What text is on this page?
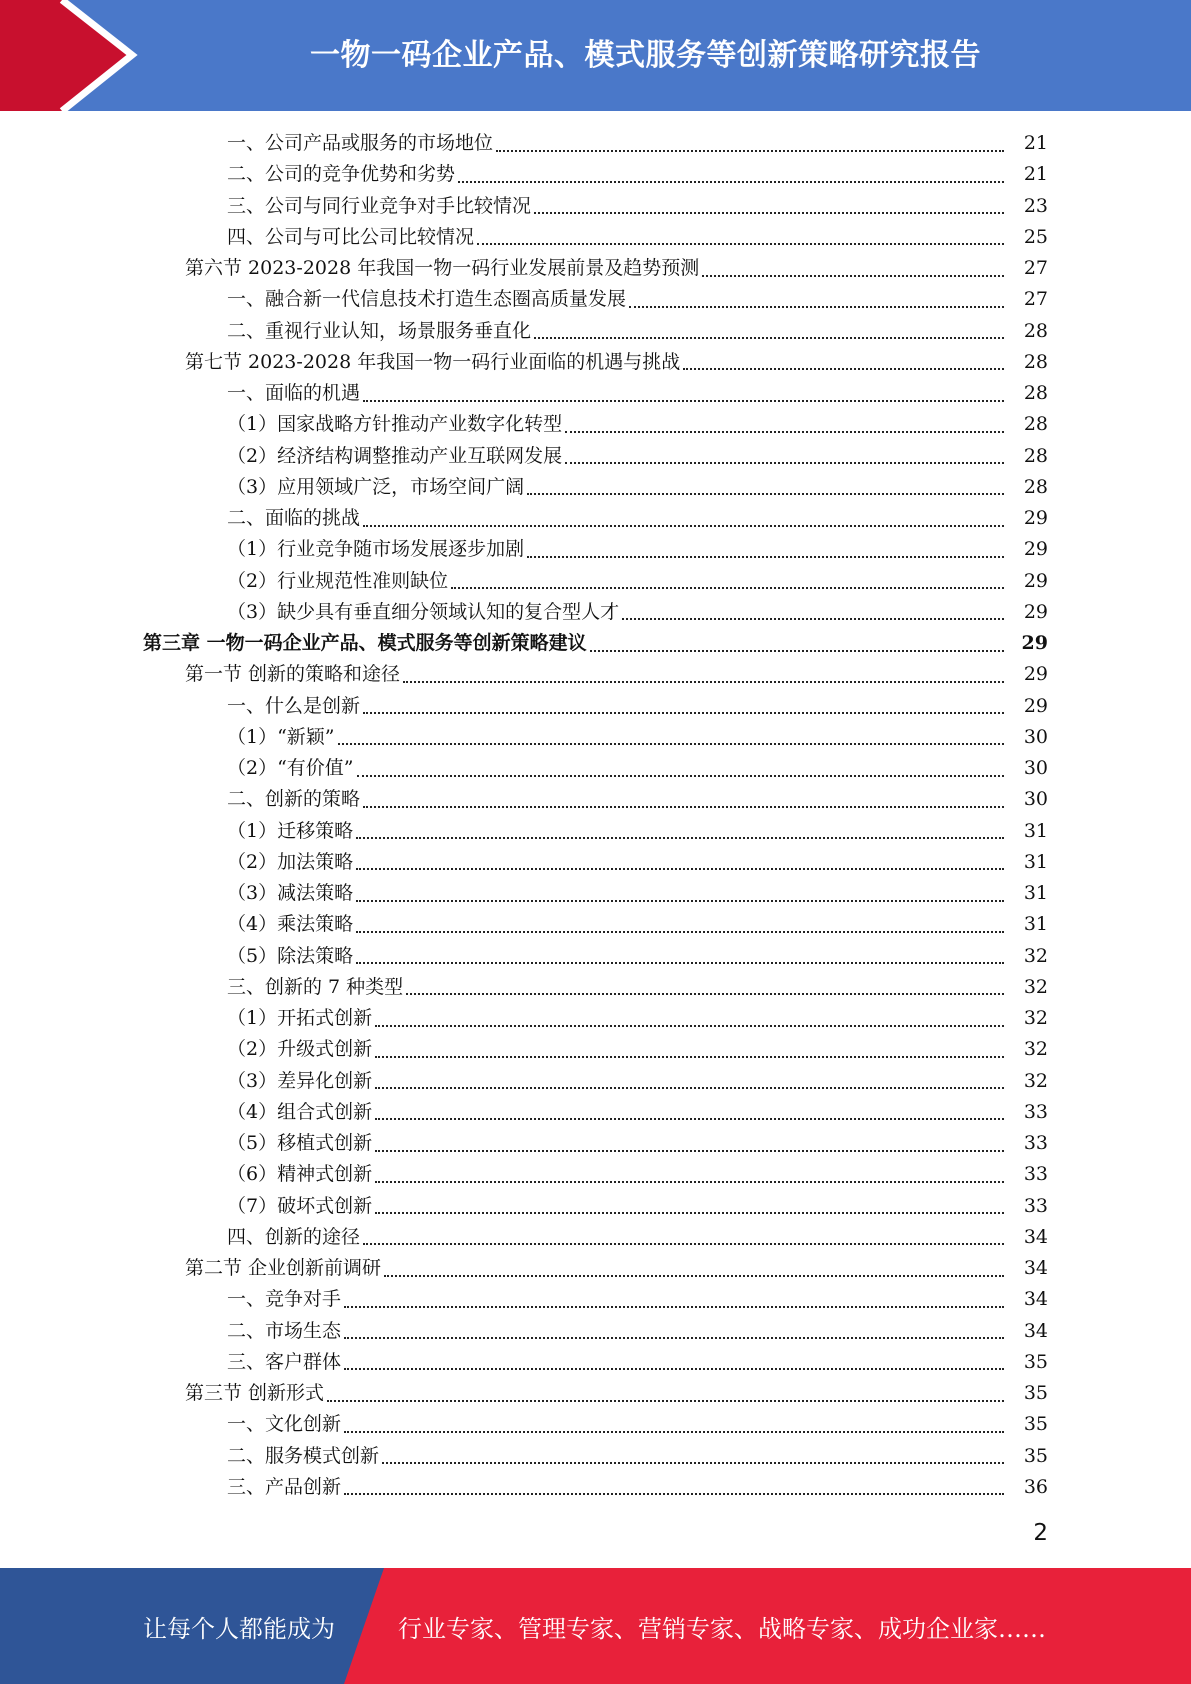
一物一码企业产品、模式服务等创新策略研究报告
一、公司产品或服务的市场地位	21
二、公司的竞争优势和劣势	21
三、公司与同行业竞争对手比较情况	23
四、公司与可比公司比较情况	25
第六节 2023-2028 年我国一物一码行业发展前景及趋势预测	27
一、融合新一代信息技术打造生态圈高质量发展	27
二、重视行业认知，场景服务垂直化	28
第七节 2023-2028 年我国一物一码行业面临的机遇与挑战	28
一、面临的机遇	28
（1）国家战略方针推动产业数字化转型	28
（2）经济结构调整推动产业互联网发展	28
（3）应用领域广泛，市场空间广阔	28
二、面临的挑战	29
（1）行业竞争随市场发展逐步加剧	29
（2）行业规范性准则缺位	29
（3）缺少具有垂直细分领域认知的复合型人才	29
第三章 一物一码企业产品、模式服务等创新策略建议	29
第一节 创新的策略和途径	29
一、什么是创新	29
（1）“新颖”	30
（2）“有价值”	30
二、创新的策略	30
（1）迁移策略	31
（2）加法策略	31
（3）减法策略	31
（4）乘法策略	31
（5）除法策略	32
三、创新的 7 种类型	32
（1）开拓式创新	32
（2）升级式创新	32
（3）差异化创新	32
（4）组合式创新	33
（5）移植式创新	33
（6）精神式创新	33
（7）破坏式创新	33
四、创新的途径	34
第二节 企业创新前调研	34
一、竞争对手	34
二、市场生态	34
三、客户群体	35
第三节 创新形式	35
一、文化创新	35
二、服务模式创新	35
三、产品创新	36
2
让每个人都能成为	行业专家、管理专家、营销专家、战略专家、成功企业家……
